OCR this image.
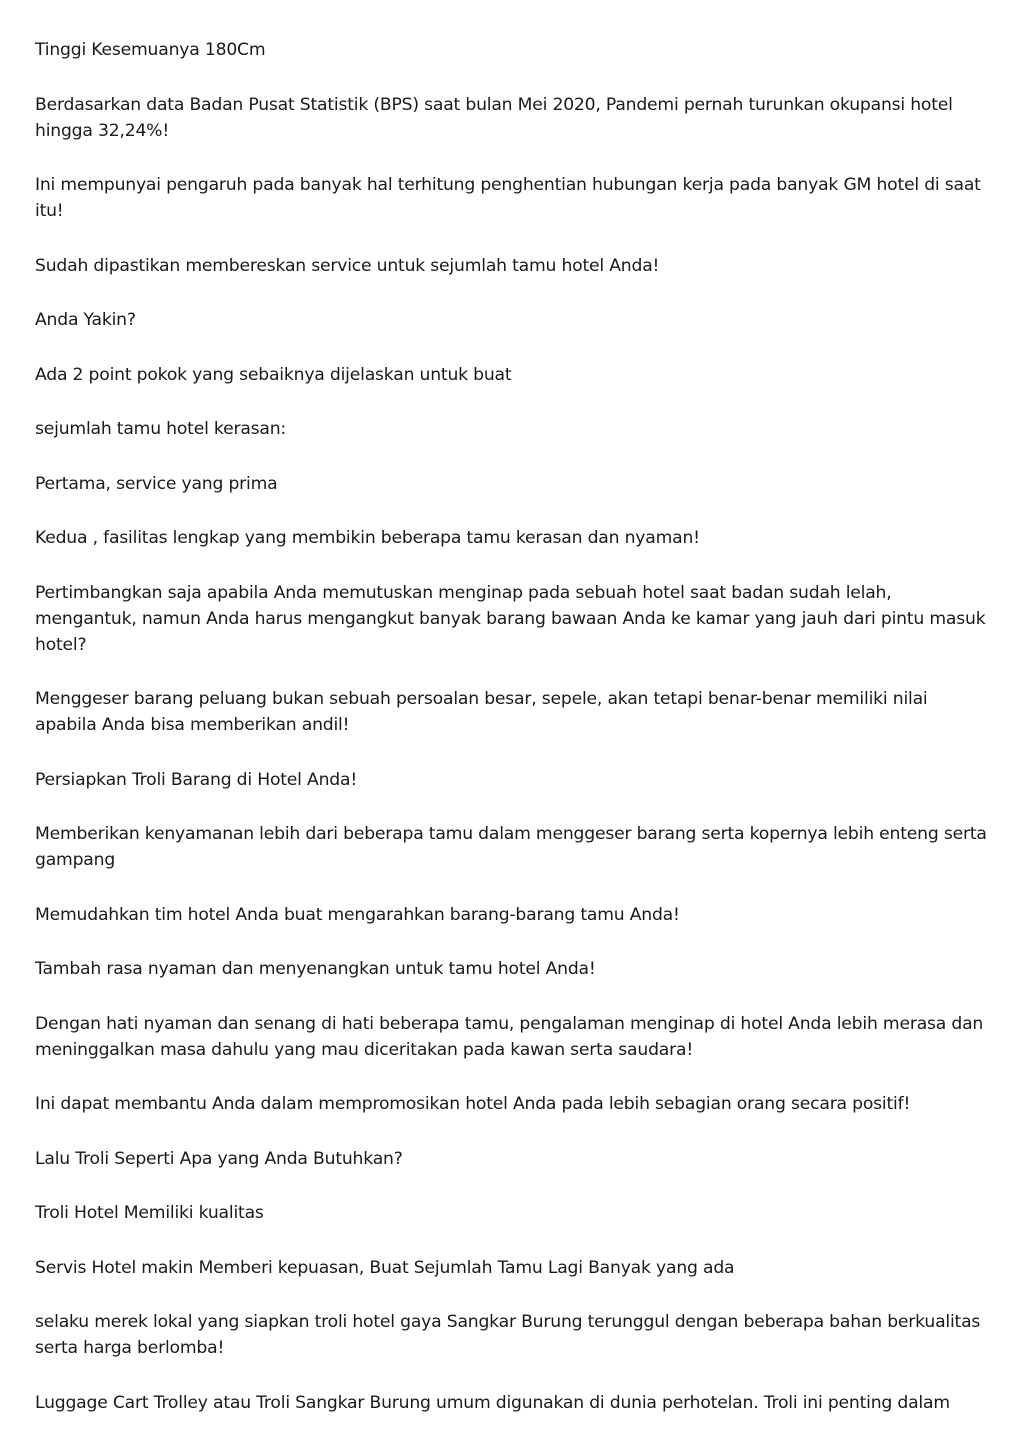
Tinggi Kesemuanya 180Cm

Berdasarkan data Badan Pusat Statistik (BPS) saat bulan Mei 2020, Pandemi pernah turunkan okupansi hotel hingga 32,24%!

Ini mempunyai pengaruh pada banyak hal terhitung penghentian hubungan kerja pada banyak GM hotel di saat itu!

Sudah dipastikan membereskan service untuk sejumlah tamu hotel Anda!

Anda Yakin?

Ada 2 point pokok yang sebaiknya dijelaskan untuk buat

sejumlah tamu hotel kerasan:

Pertama, service yang prima

Kedua , fasilitas lengkap yang membikin beberapa tamu kerasan dan nyaman!

Pertimbangkan saja apabila Anda memutuskan menginap pada sebuah hotel saat badan sudah lelah, mengantuk, namun Anda harus mengangkut banyak barang bawaan Anda ke kamar yang jauh dari pintu masuk hotel?

Menggeser barang peluang bukan sebuah persoalan besar, sepele, akan tetapi benar-benar memiliki nilai apabila Anda bisa memberikan andil!

Persiapkan Troli Barang di Hotel Anda!

Memberikan kenyamanan lebih dari beberapa tamu dalam menggeser barang serta kopernya lebih enteng serta gampang

Memudahkan tim hotel Anda buat mengarahkan barang-barang tamu Anda!

Tambah rasa nyaman dan menyenangkan untuk tamu hotel Anda!

Dengan hati nyaman dan senang di hati beberapa tamu, pengalaman menginap di hotel Anda lebih merasa dan meninggalkan masa dahulu yang mau diceritakan pada kawan serta saudara!

Ini dapat membantu Anda dalam mempromosikan hotel Anda pada lebih sebagian orang secara positif!

Lalu Troli Seperti Apa yang Anda Butuhkan?

Troli Hotel Memiliki kualitas

Servis Hotel makin Memberi kepuasan, Buat Sejumlah Tamu Lagi Banyak yang ada

selaku merek lokal yang siapkan troli hotel gaya Sangkar Burung terunggul dengan beberapa bahan berkualitas serta harga berlomba!

Luggage Cart Trolley atau Troli Sangkar Burung umum digunakan di dunia perhotelan. Troli ini penting dalam
